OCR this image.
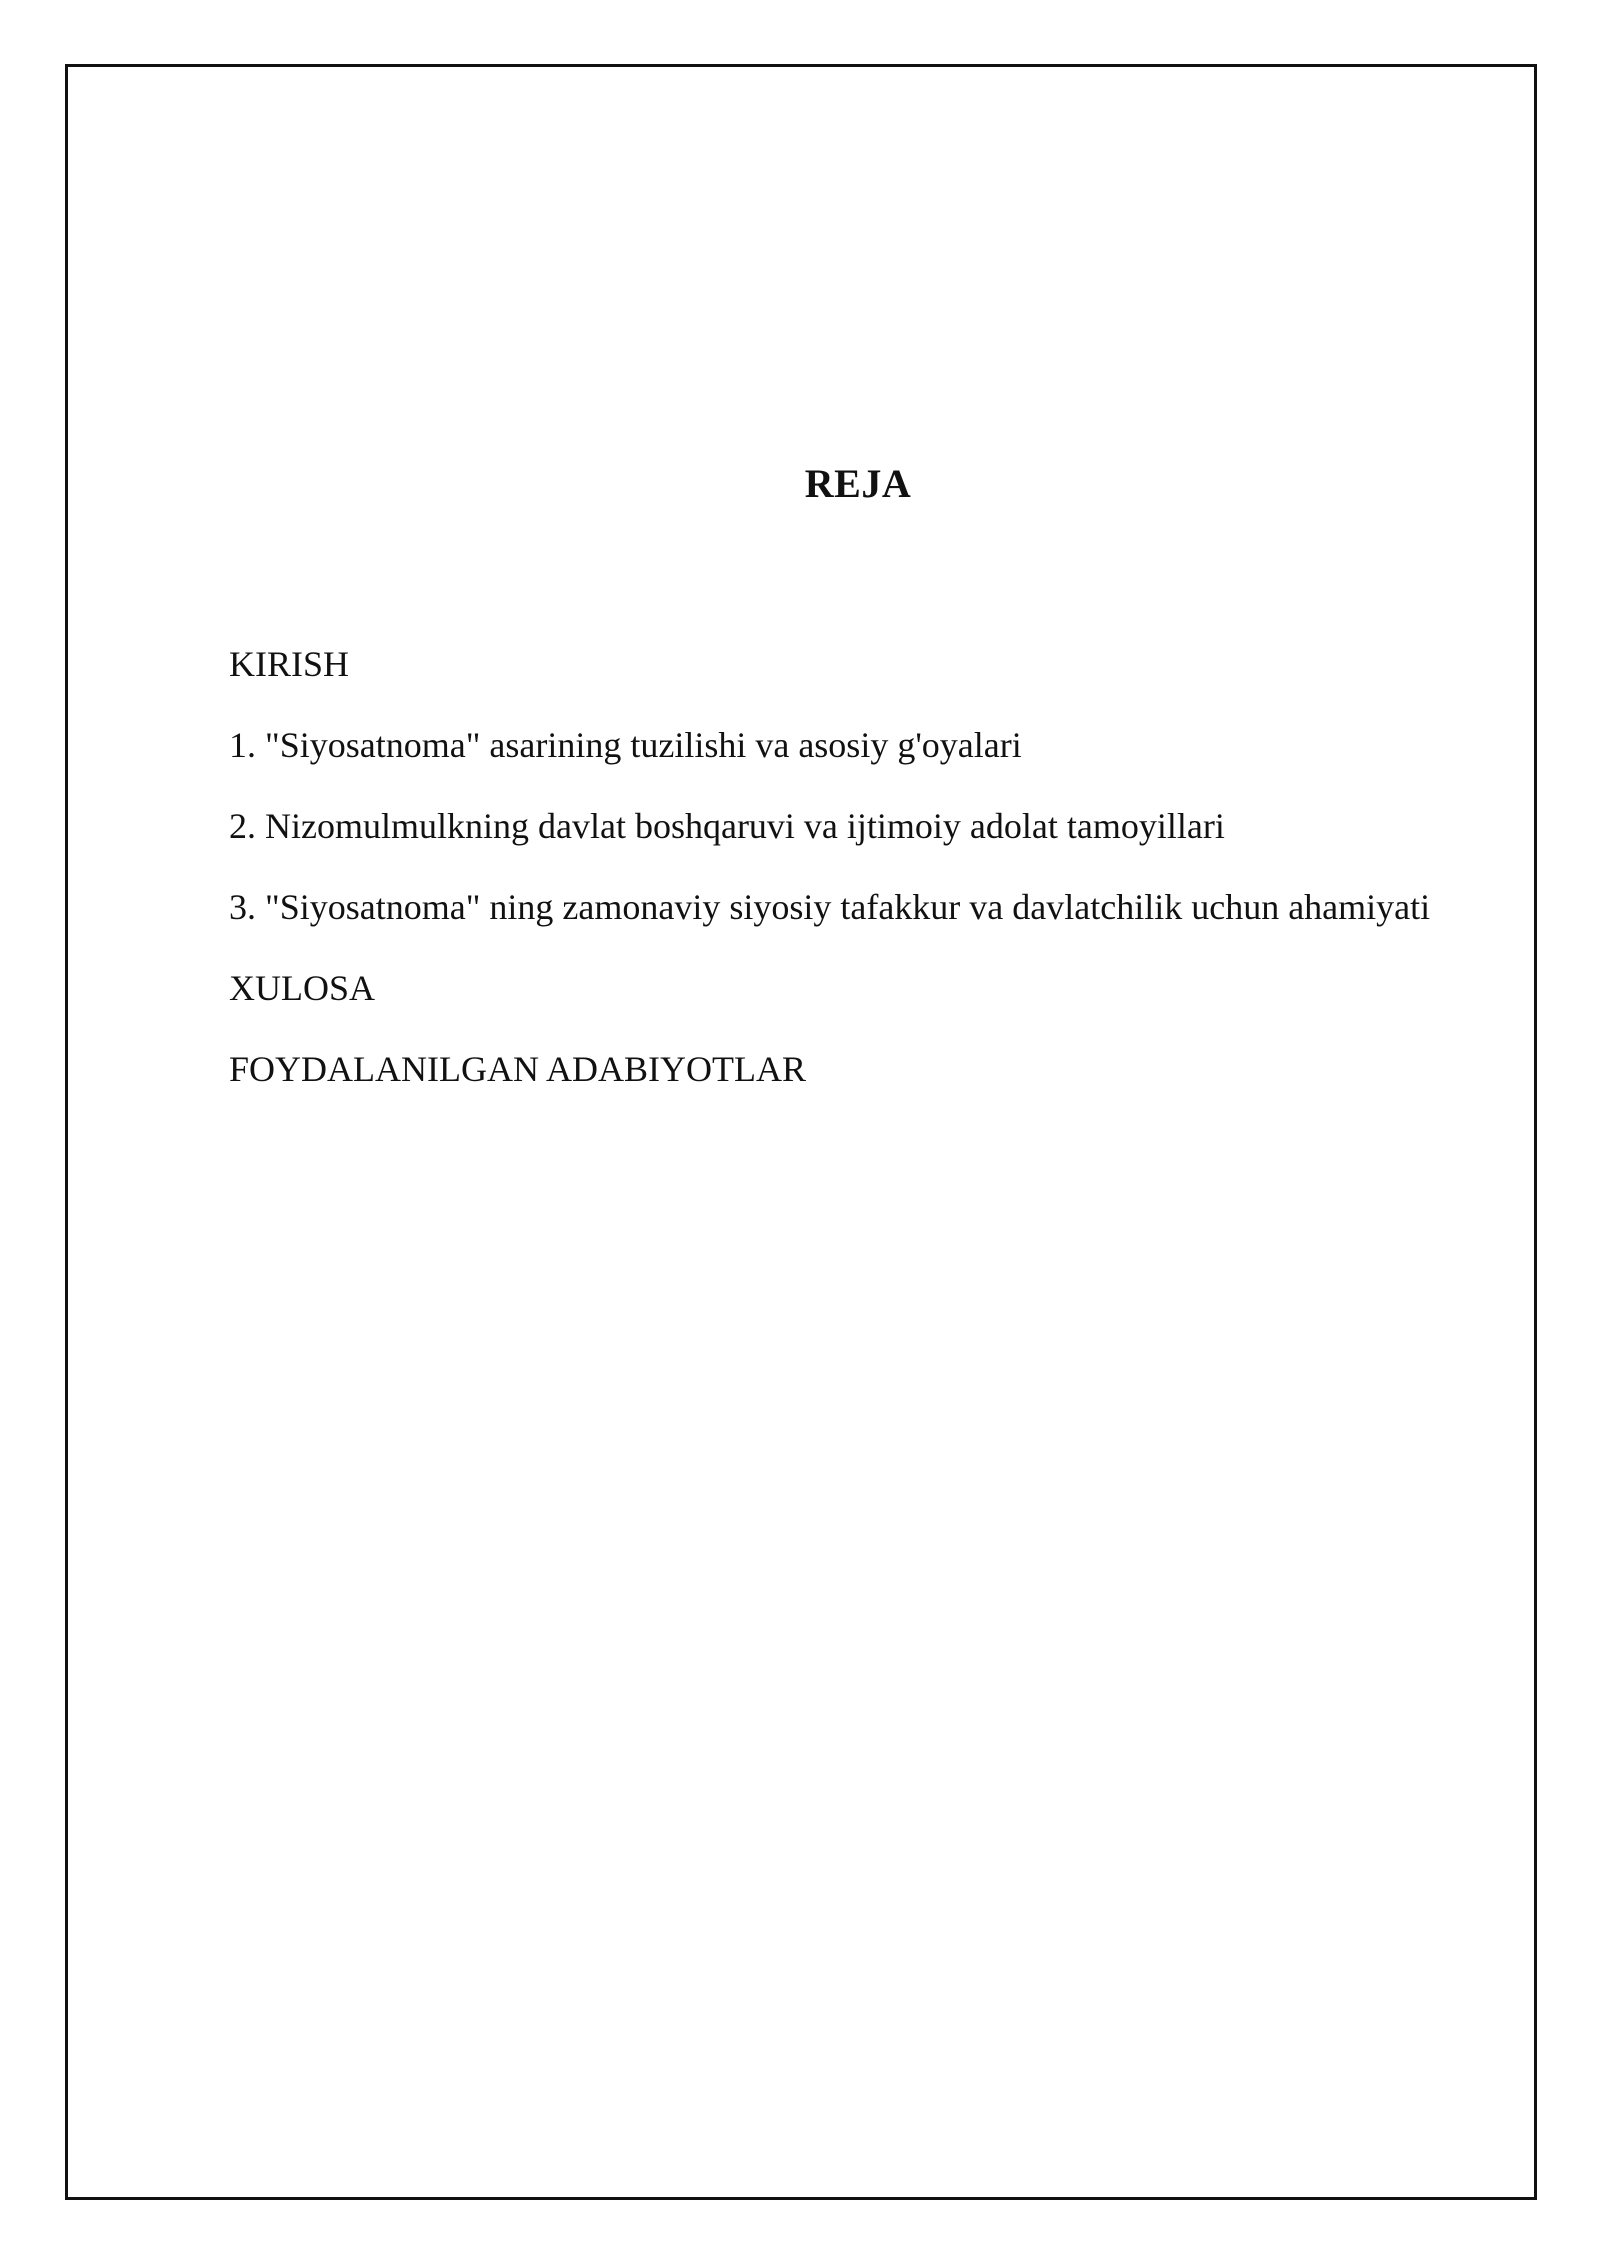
REJA
KIRISH
1. "Siyosatnoma" asarining tuzilishi va asosiy g'oyalari
2. Nizomulmulkning davlat boshqaruvi va ijtimoiy adolat tamoyillari
3. "Siyosatnoma" ning zamonaviy siyosiy tafakkur va davlatchilik uchun ahamiyati
XULOSA
FOYDALANILGAN ADABIYOTLAR
